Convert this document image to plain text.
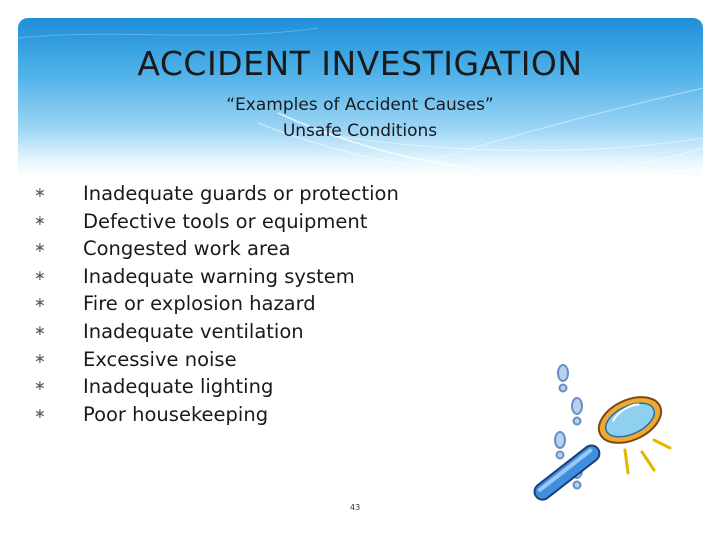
ACCIDENT INVESTIGATION
“Examples of Accident Causes”
Unsafe Conditions
∗ Inadequate guards or protection
∗ Defective tools or equipment
∗ Congested work area
∗ Inadequate warning system
∗ Fire or explosion hazard
∗ Inadequate ventilation
∗ Excessive noise
∗ Inadequate lighting
∗ Poor housekeeping
43
